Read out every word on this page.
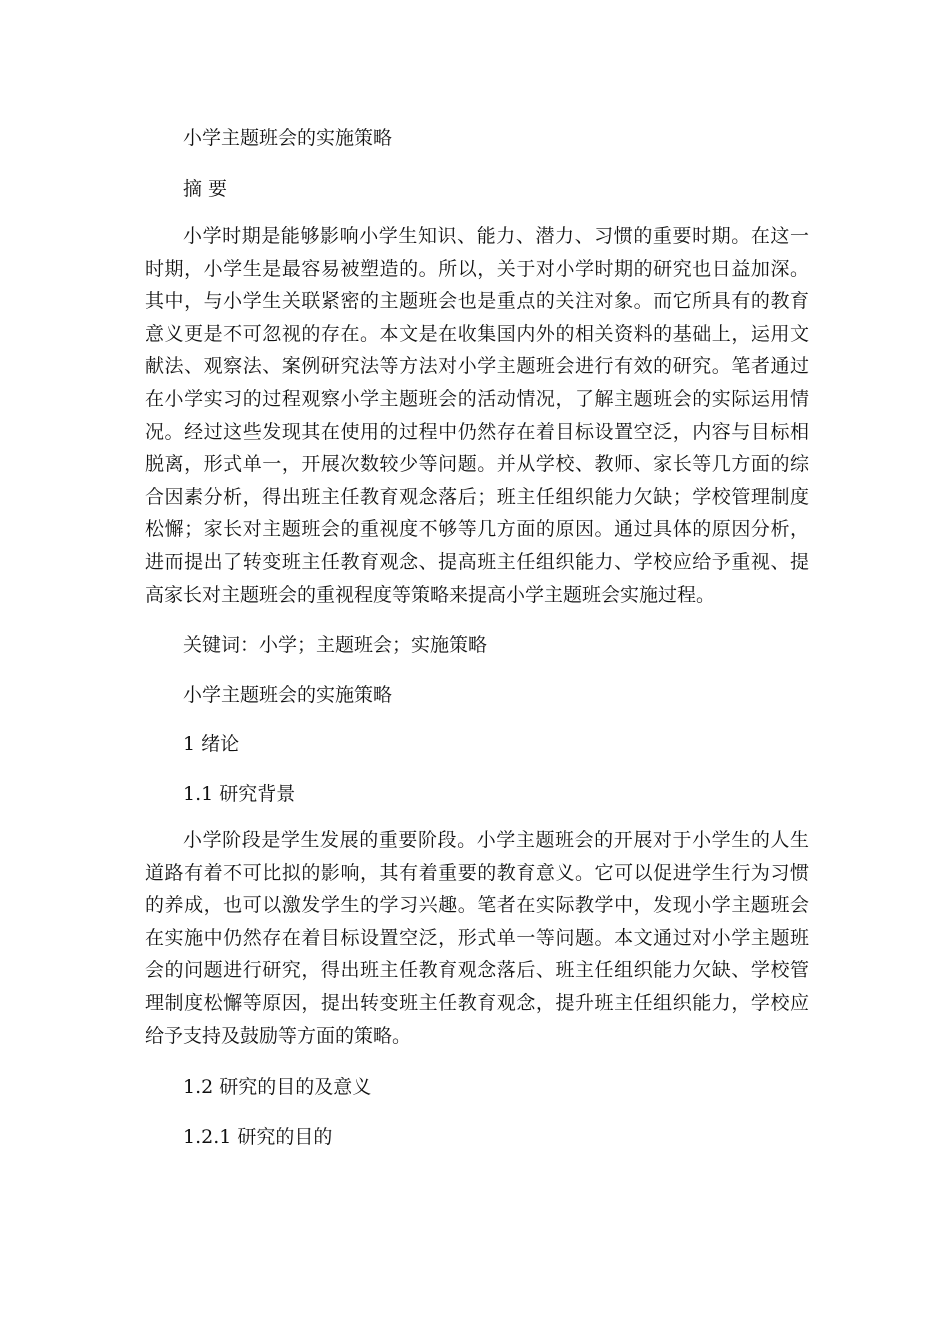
小学主题班会的实施策略

摘 要

小学时期是能够影响小学生知识、能力、潜力、习惯的重要时期。在这一时期，小学生是最容易被塑造的。所以，关于对小学时期的研究也日益加深。其中，与小学生关联紧密的主题班会也是重点的关注对象。而它所具有的教育意义更是不可忽视的存在。本文是在收集国内外的相关资料的基础上，运用文献法、观察法、案例研究法等方法对小学主题班会进行有效的研究。笔者通过在小学实习的过程观察小学主题班会的活动情况，了解主题班会的实际运用情况。经过这些发现其在使用的过程中仍然存在着目标设置空泛，内容与目标相脱离，形式单一，开展次数较少等问题。并从学校、教师、家长等几方面的综合因素分析，得出班主任教育观念落后；班主任组织能力欠缺；学校管理制度松懈；家长对主题班会的重视度不够等几方面的原因。通过具体的原因分析，进而提出了转变班主任教育观念、提高班主任组织能力、学校应给予重视、提高家长对主题班会的重视程度等策略来提高小学主题班会实施过程。

关键词：小学；主题班会；实施策略

小学主题班会的实施策略

1 绪论

1.1 研究背景

小学阶段是学生发展的重要阶段。小学主题班会的开展对于小学生的人生道路有着不可比拟的影响，其有着重要的教育意义。它可以促进学生行为习惯的养成，也可以激发学生的学习兴趣。笔者在实际教学中，发现小学主题班会在实施中仍然存在着目标设置空泛，形式单一等问题。本文通过对小学主题班会的问题进行研究，得出班主任教育观念落后、班主任组织能力欠缺、学校管理制度松懈等原因，提出转变班主任教育观念，提升班主任组织能力，学校应给予支持及鼓励等方面的策略。

1.2 研究的目的及意义

1.2.1 研究的目的
